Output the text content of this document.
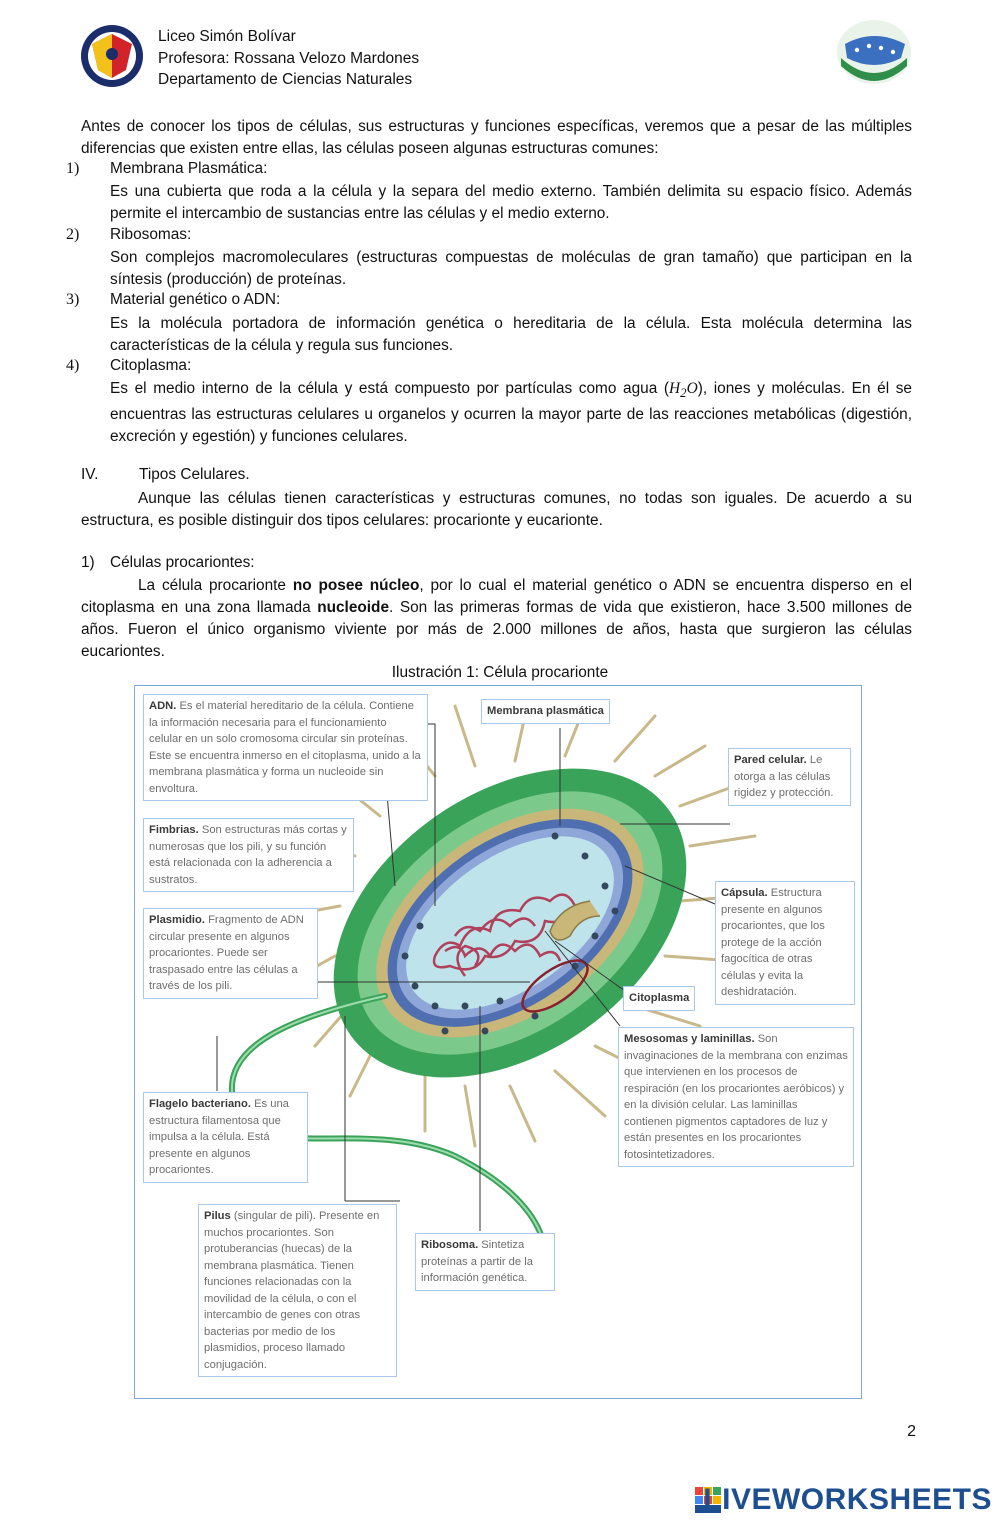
Liceo Simón Bolívar
Profesora: Rossana Velozo Mardones
Departamento de Ciencias Naturales
Antes de conocer los tipos de células, sus estructuras y funciones específicas, veremos que a pesar de las múltiples diferencias que existen entre ellas, las células poseen algunas estructuras comunes:
1) Membrana Plasmática:
Es una cubierta que roda a la célula y la separa del medio externo. También delimita su espacio físico. Además permite el intercambio de sustancias entre las células y el medio externo.
2) Ribosomas:
Son complejos macromoleculares (estructuras compuestas de moléculas de gran tamaño) que participan en la síntesis (producción) de proteínas.
3) Material genético o ADN:
Es la molécula portadora de información genética o hereditaria de la célula. Esta molécula determina las características de la célula y regula sus funciones.
4) Citoplasma:
Es el medio interno de la célula y está compuesto por partículas como agua $(H_2O)$, iones y moléculas. En él se encuentras las estructuras celulares u organelos y ocurren la mayor parte de las reacciones metabólicas (digestión, excreción y egestión) y funciones celulares.
IV.	Tipos Celulares.
Aunque las células tienen características y estructuras comunes, no todas son iguales. De acuerdo a su estructura, es posible distinguir dos tipos celulares: procarionte y eucarionte.
1) Células procariontes:
La célula procarionte no posee núcleo, por lo cual el material genético o ADN se encuentra disperso en el citoplasma en una zona llamada nucleoide. Son las primeras formas de vida que existieron, hace 3.500 millones de años. Fueron el único organismo viviente por más de 2.000 millones de años, hasta que surgieron las células eucariontes.
Ilustración 1: Célula procarionte
ADN. Es el material hereditario de la célula. Contiene la información necesaria para el funcionamiento celular en un solo cromosoma circular sin proteínas. Este se encuentra inmerso en el citoplasma, unido a la membrana plasmática y forma un nucleoide sin envoltura.
Membrana plasmática
Pared celular. Le otorga a las células rigidez y protección.
Fimbrias. Son estructuras más cortas y numerosas que los pili, y su función está relacionada con la adherencia a sustratos.
Cápsula. Estructura presente en algunos procariontes, que los protege de la acción fagocítica de otras células y evita la deshidratación.
Plasmidio. Fragmento de ADN circular presente en algunos procariontes. Puede ser traspasado entre las células a través de los pili.
Citoplasma
Mesosomas y laminillas. Son invaginaciones de la membrana con enzimas que intervienen en los procesos de respiración (en los procariontes aeróbicos) y en la división celular. Las laminillas contienen pigmentos captadores de luz y están presentes en los procariontes fotosintetizadores.
Flagelo bacteriano. Es una estructura filamentosa que impulsa a la célula. Está presente en algunos procariontes.
Pilus (singular de pili). Presente en muchos procariontes. Son protuberancias (huecas) de la membrana plasmática. Tienen funciones relacionadas con la movilidad de la célula, o con el intercambio de genes con otras bacterias por medio de los plasmidios, proceso llamado conjugación.
Ribosoma. Sintetiza proteínas a partir de la información genética.
2
LIVEWORKSHEETS
